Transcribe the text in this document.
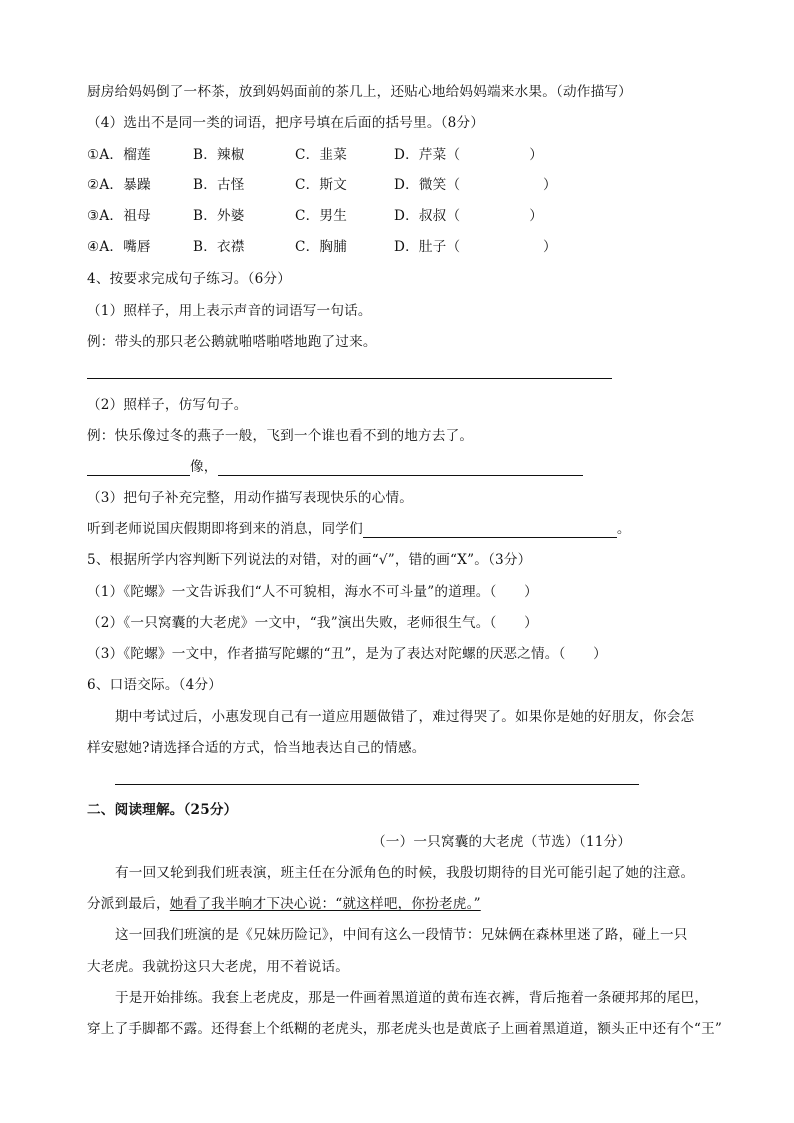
厨房给妈妈倒了一杯茶，放到妈妈面前的茶几上，还贴心地给妈妈端来水果。（动作描写）
（4）选出不是同一类的词语，把序号填在后面的括号里。（8分）
①A．榴莲	B．辣椒	C．韭菜	D．芹菜（　　　　　）
②A．暴躁	B．古怪	C．斯文	D．微笑（　　　　　　）
③A．祖母	B．外婆	C．男生	D．叔叔（　　　　　）
④A．嘴唇	B．衣襟	C．胸脯	D．肚子（　　　　　　）
4、按要求完成句子练习。（6分）
（1）照样子，用上表示声音的词语写一句话。
例：带头的那只老公鹅就啪嗒啪嗒地跑了过来。
（2）照样子，仿写句子。
例：快乐像过冬的燕子一般，飞到一个谁也看不到的地方去了。
像，
（3）把句子补充完整，用动作描写表现快乐的心情。
听到老师说国庆假期即将到来的消息，同学们	。
5、根据所学内容判断下列说法的对错，对的画“√”，错的画“X”。（3分）
（1）《陀螺》一文告诉我们“人不可貌相，海水不可斗量”的道理。（　　）
（2）《一只窝囊的大老虎》一文中，“我”演出失败，老师很生气。（　　）
（3）《陀螺》一文中，作者描写陀螺的“丑”，是为了表达对陀螺的厌恶之情。（　　）
6、口语交际。（4分）
期中考试过后，小惠发现自己有一道应用题做错了，难过得哭了。如果你是她的好朋友，你会怎
样安慰她?请选择合适的方式，恰当地表达自己的情感。
二、阅读理解。（25分）
（一）一只窝囊的大老虎（节选）（11分）
有一回又轮到我们班表演，班主任在分派角色的时候，我殷切期待的目光可能引起了她的注意。
分派到最后，她看了我半晌才下决心说：“就这样吧，你扮老虎。”
这一回我们班演的是《兄妹历险记》，中间有这么一段情节：兄妹俩在森林里迷了路，碰上一只
大老虎。我就扮这只大老虎，用不着说话。
于是开始排练。我套上老虎皮，那是一件画着黑道道的黄布连衣裤，背后拖着一条硬邦邦的尾巴，
穿上了手脚都不露。还得套上个纸糊的老虎头，那老虎头也是黄底子上画着黑道道，额头正中还有个“王”
